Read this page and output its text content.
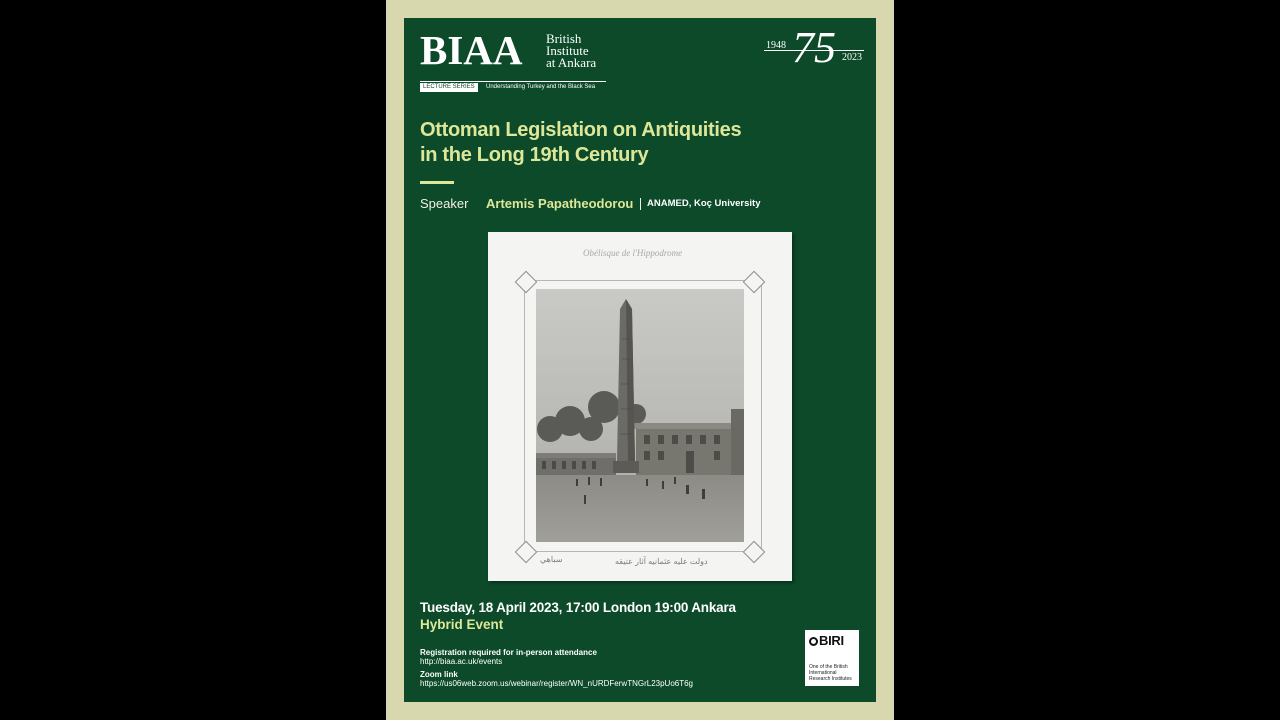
BIAA British
Institute
at Ankara
LECTURE SERIES	Understanding Turkey and the Black Sea
1948 75 2023
Ottoman Legislation on Antiquities
in the Long 19th Century
Speaker Artemis Papatheodorou ANAMED, Koç University
Obélisque de l'Hippodrome
ﺳﺒﺎﻫﻲ	ﺩﻭﻟﺖ ﻋﻠﻴﻪ ﻋﺜﻤﺎﻧﻴﻪ ﺁﺛﺎﺭ ﻋﺘﻴﻘﻪ
Tuesday, 18 April 2023, 17:00 London 19:00 Ankara
Hybrid Event
Registration required for in-person attendance
http://biaa.ac.uk/events
Zoom link
https://us06web.zoom.us/webinar/register/WN_nURDFerwTNGrL23pUo6T6g
BIRI
One of the British International Research Institutes
